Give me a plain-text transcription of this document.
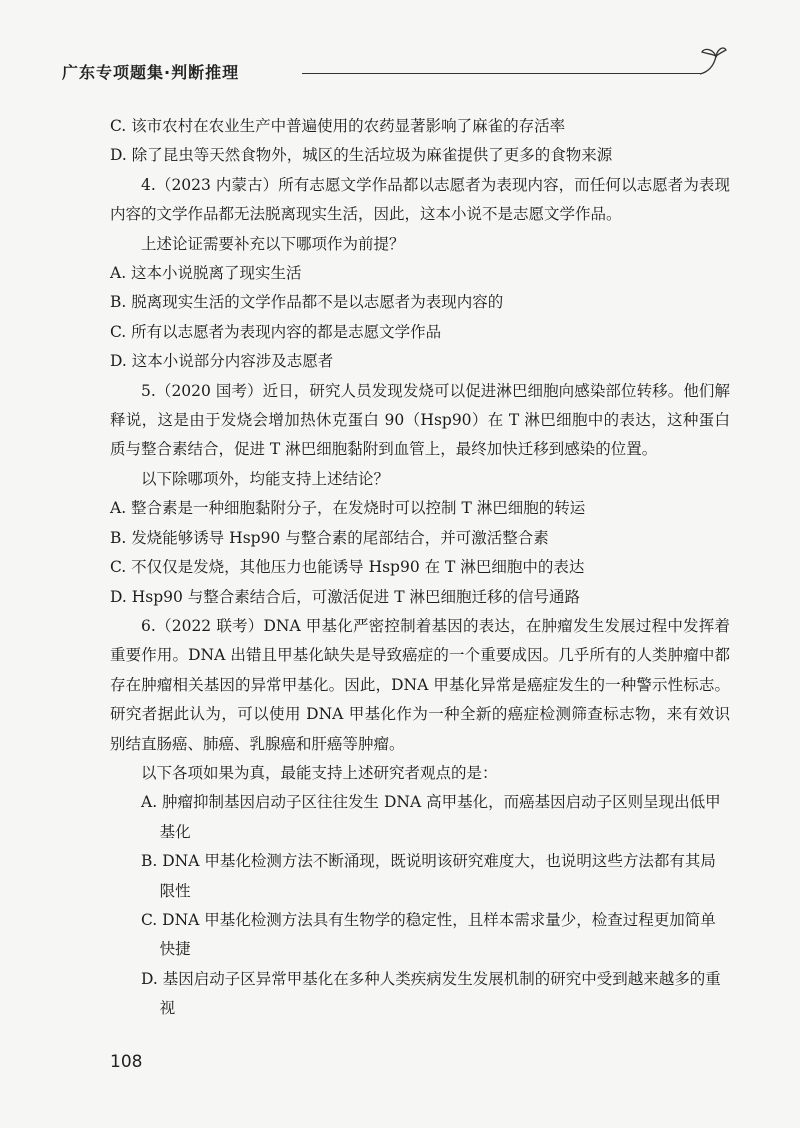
广东专项题集·判断推理

C. 该市农村在农业生产中普遍使用的农药显著影响了麻雀的存活率

D. 除了昆虫等天然食物外，城区的生活垃圾为麻雀提供了更多的食物来源

4.（2023 内蒙古）所有志愿文学作品都以志愿者为表现内容，而任何以志愿者为表现内容的文学作品都无法脱离现实生活，因此，这本小说不是志愿文学作品。

上述论证需要补充以下哪项作为前提？

A. 这本小说脱离了现实生活

B. 脱离现实生活的文学作品都不是以志愿者为表现内容的

C. 所有以志愿者为表现内容的都是志愿文学作品

D. 这本小说部分内容涉及志愿者

5.（2020 国考）近日，研究人员发现发烧可以促进淋巴细胞向感染部位转移。他们解释说，这是由于发烧会增加热休克蛋白 90（Hsp90）在 T 淋巴细胞中的表达，这种蛋白质与整合素结合，促进 T 淋巴细胞黏附到血管上，最终加快迁移到感染的位置。

以下除哪项外，均能支持上述结论？

A. 整合素是一种细胞黏附分子，在发烧时可以控制 T 淋巴细胞的转运

B. 发烧能够诱导 Hsp90 与整合素的尾部结合，并可激活整合素

C. 不仅仅是发烧，其他压力也能诱导 Hsp90 在 T 淋巴细胞中的表达

D. Hsp90 与整合素结合后，可激活促进 T 淋巴细胞迁移的信号通路

6.（2022 联考）DNA 甲基化严密控制着基因的表达，在肿瘤发生发展过程中发挥着重要作用。DNA 出错且甲基化缺失是导致癌症的一个重要成因。几乎所有的人类肿瘤中都存在肿瘤相关基因的异常甲基化。因此，DNA 甲基化异常是癌症发生的一种警示性标志。研究者据此认为，可以使用 DNA 甲基化作为一种全新的癌症检测筛查标志物，来有效识别结直肠癌、肺癌、乳腺癌和肝癌等肿瘤。

以下各项如果为真，最能支持上述研究者观点的是：

A. 肿瘤抑制基因启动子区往往发生 DNA 高甲基化，而癌基因启动子区则呈现出低甲基化
B. DNA 甲基化检测方法不断涌现，既说明该研究难度大，也说明这些方法都有其局限性
C. DNA 甲基化检测方法具有生物学的稳定性，且样本需求量少，检查过程更加简单快捷
D. 基因启动子区异常甲基化在多种人类疾病发生发展机制的研究中受到越来越多的重视
108
